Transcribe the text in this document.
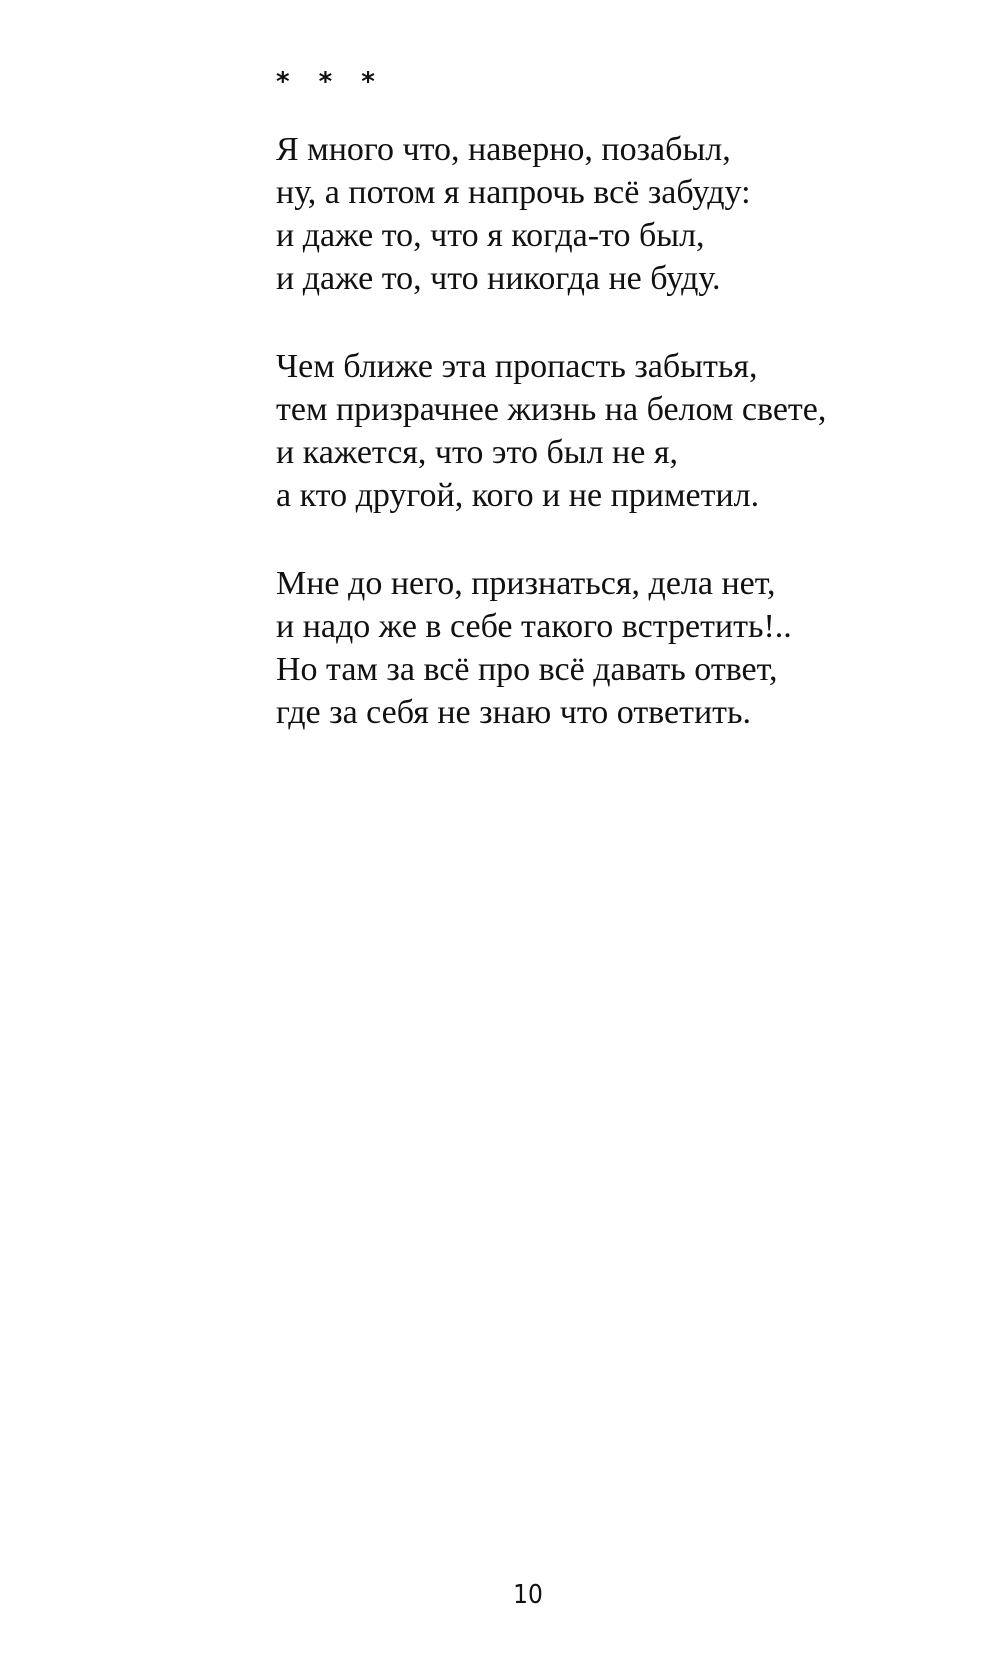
* * *
Я много что, наверно, позабыл,
ну, а потом я напрочь всё забуду:
и даже то, что я когда-то был,
и даже то, что никогда не буду.
Чем ближе эта пропасть забытья,
тем призрачнее жизнь на белом свете,
и кажется, что это был не я,
а кто другой, кого и не приметил.
Мне до него, признаться, дела нет,
и надо же в себе такого встретить!..
Но там за всё про всё давать ответ,
где за себя не знаю что ответить.
10
